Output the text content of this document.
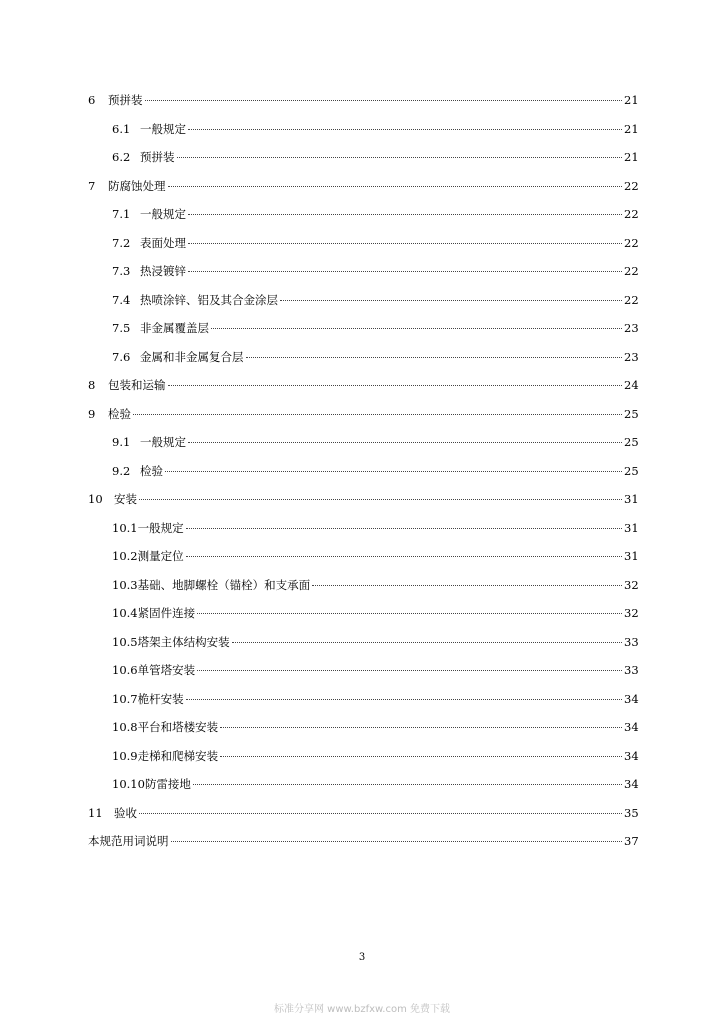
6	预拼装	21
6.1 一般规定	21
6.2 预拼装	21
7	防腐蚀处理	22
7.1 一般规定	22
7.2 表面处理	22
7.3 热浸镀锌	22
7.4 热喷涂锌、铝及其合金涂层	22
7.5 非金属覆盖层	23
7.6 金属和非金属复合层	23
8	包装和运输	24
9	检验	25
9.1 一般规定	25
9.2 检验	25
10 安装	31
10.1 一般规定	31
10.2 测量定位	31
10.3 基础、地脚螺栓（锚栓）和支承面	32
10.4 紧固件连接	32
10.5 塔架主体结构安装	33
10.6 单管塔安装	33
10.7 桅杆安装	34
10.8 平台和塔楼安装	34
10.9 走梯和爬梯安装	34
10.10 防雷接地	34
11 验收	35
本规范用词说明	37
3
标准分享网 www.bzfxw.com 免费下载
